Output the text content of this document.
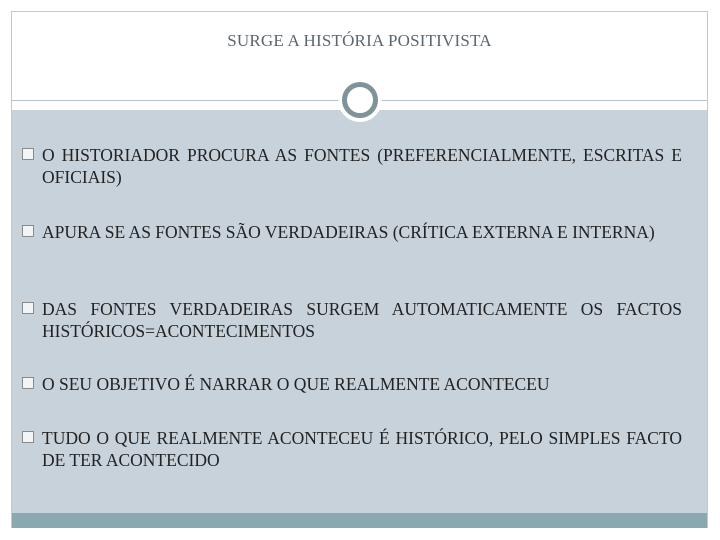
SURGE A HISTÓRIA POSITIVISTA
O HISTORIADOR PROCURA AS FONTES (PREFERENCIALMENTE, ESCRITAS E OFICIAIS)
APURA SE AS FONTES SÃO VERDADEIRAS (CRÍTICA EXTERNA E INTERNA)
DAS FONTES VERDADEIRAS SURGEM AUTOMATICAMENTE OS FACTOS HISTÓRICOS=ACONTECIMENTOS
O SEU OBJETIVO É NARRAR O QUE REALMENTE ACONTECEU
TUDO O QUE REALMENTE ACONTECEU É HISTÓRICO, PELO SIMPLES FACTO DE TER ACONTECIDO
